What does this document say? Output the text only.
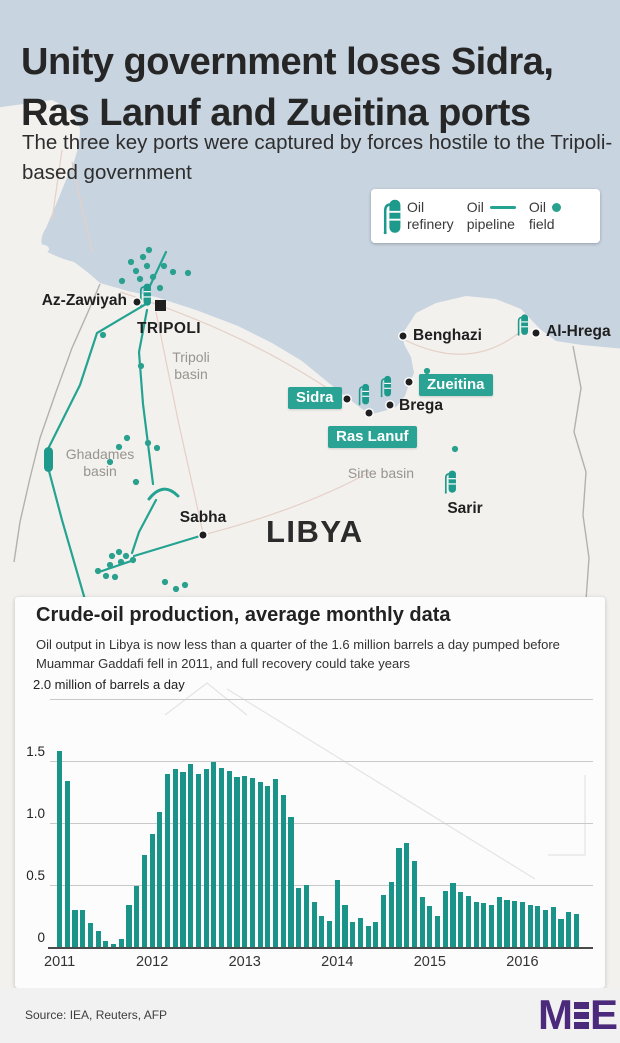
Unity government loses Sidra,
Ras Lanuf and Zueitina ports
The three key ports were captured by forces hostile to the Tripoli-based government
Oil
refinery
Oil
pipeline
Oil
field
Az-Zawiyah
TRIPOLI	Benghazi	Al-Hrega
Brega
Sabha
Sarir
LIBYA
Tripoli basin
Ghadames basin	Sirte basin
Sidra
Ras Lanuf
Zueitina
Crude-oil production, average monthly data
Oil output in Libya is now less than a quarter of the 1.6 million barrels a day pumped before Muammar Gaddafi fell in 2011, and full recovery could take years
2.0 million of barrels a day
0
0.5
1.0
1.5
2011	2012	2013	2014	2015	2016
Source: IEA, Reuters, AFP	M E
